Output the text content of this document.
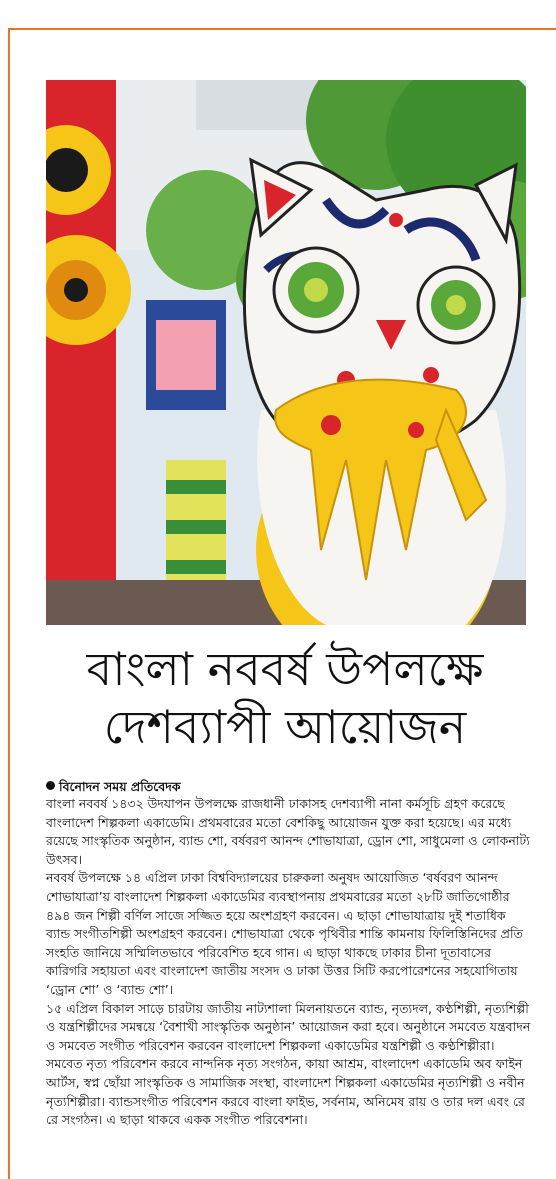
বাংলা নববর্ষ উপলক্ষে
দেশব্যাপী আয়োজন
বিনোদন সময় প্রতিবেদক

বাংলা নববর্ষ ১৪৩২ উদযাপন উপলক্ষে রাজধানী ঢাকাসহ দেশব্যাপী নানা কর্মসূচি গ্রহণ করেছে বাংলাদেশ শিল্পকলা একাডেমি। প্রথমবারের মতো বেশকিছু আয়োজন যুক্ত করা হয়েছে। এর মধ্যে রয়েছে সাংস্কৃতিক অনুষ্ঠান, ব্যান্ড শো, বর্ষবরণ আনন্দ শোভাযাত্রা, ড্রোন শো, সাধুমেলা ও লোকনাট্য উৎসব।

নববর্ষ উপলক্ষে ১৪ এপ্রিল ঢাকা বিশ্ববিদ্যালয়ের চারুকলা অনুষদ আয়োজিত ‘বর্ষবরণ আনন্দ শোভাযাত্রা’য় বাংলাদেশ শিল্পকলা একাডেমির ব্যবস্থাপনায় প্রথমবারের মতো ২৮টি জাতিগোষ্ঠীর ৪৯৪ জন শিল্পী বর্ণিল সাজে সজ্জিত হয়ে অংশগ্রহণ করবেন। এ ছাড়া শোভাযাত্রায় দুই শতাধিক ব্যান্ড সংগীতশিল্পী অংশগ্রহণ করবেন। শোভাযাত্রা থেকে পৃথিবীর শান্তি কামনায় ফিলিস্তিনিদের প্রতি সংহতি জানিয়ে সম্মিলিতভাবে পরিবেশিত হবে গান। এ ছাড়া থাকছে ঢাকার চীনা দূতাবাসের কারিগরি সহায়তা এবং বাংলাদেশ জাতীয় সংসদ ও ঢাকা উত্তর সিটি করপোরেশনের সহযোগিতায় ‘ড্রোন শো’ ও ‘ব্যান্ড শো’।

১৫ এপ্রিল বিকাল সাড়ে চারটায় জাতীয় নাট্যশালা মিলনায়তনে ব্যান্ড, নৃত্যদল, কণ্ঠশিল্পী, নৃত্যশিল্পী ও যন্ত্রশিল্পীদের সমন্বয়ে ‘বৈশাখী সাংস্কৃতিক অনুষ্ঠান’ আয়োজন করা হবে। অনুষ্ঠানে সমবেত যন্ত্রবাদন ও সমবেত সংগীত পরিবেশন করবেন বাংলাদেশ শিল্পকলা একাডেমির যন্ত্রশিল্পী ও কণ্ঠশিল্পীরা। সমবেত নৃত্য পরিবেশন করবে নান্দনিক নৃত্য সংগঠন, কায়া আশ্রম, বাংলাদেশ একাডেমি অব ফাইন আর্টস, স্বপ্ন ছোঁয়া সাংস্কৃতিক ও সামাজিক সংস্থা, বাংলাদেশ শিল্পকলা একাডেমির নৃত্যশিল্পী ও নবীন নৃত্যশিল্পীরা। ব্যান্ডসংগীত পরিবেশন করবে বাংলা ফাইভ, সর্বনাম, অনিমেষ রায় ও তার দল এবং রে রে সংগঠন। এ ছাড়া থাকবে একক সংগীত পরিবেশনা।
